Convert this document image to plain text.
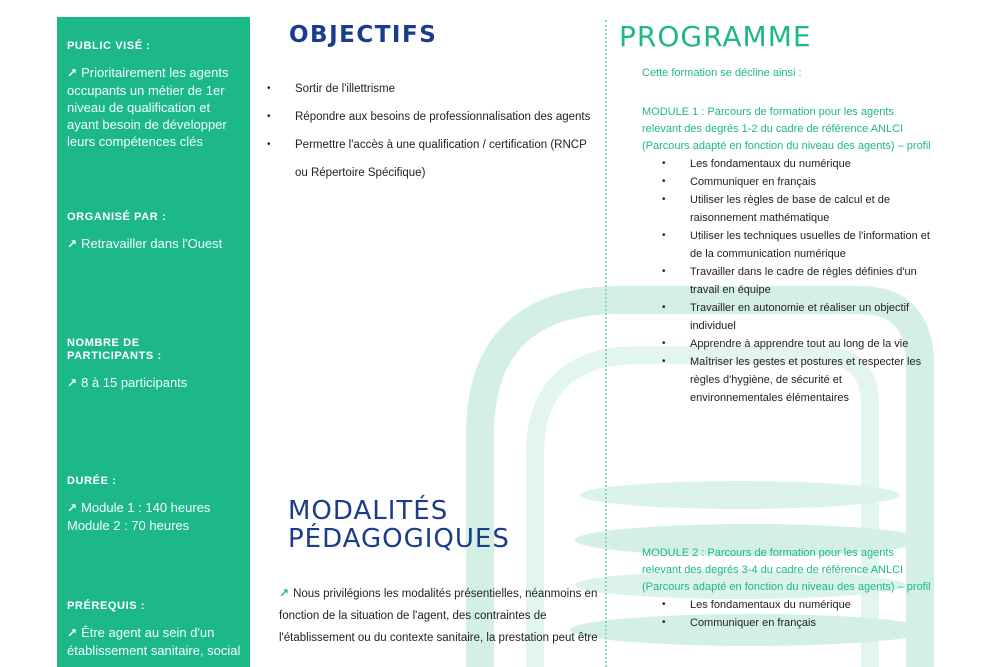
PUBLIC VISÉ :
↗ Prioritairement les agents occupants un métier de 1er niveau de qualification et ayant besoin de développer leurs compétences clés
ORGANISÉ PAR :
↗ Retravailler dans l'Ouest
NOMBRE DE PARTICIPANTS :
↗ 8 à 15 participants
DURÉE :
↗ Module 1 : 140 heures
Module 2 : 70 heures
PRÉREQUIS :
↗ Être agent au sein d'un établissement sanitaire, social
OBJECTIFS
• Sortir de l'illettrisme
• Répondre aux besoins de professionnalisation des agents
• Permettre l'accès à une qualification / certification (RNCP ou Répertoire Spécifique)
MODALITÉS
PÉDAGOGIQUES
↗ Nous privilégions les modalités présentielles, néanmoins en fonction de la situation de l'agent, des contraintes de l'établissement ou du contexte sanitaire, la prestation peut être
PROGRAMME
Cette formation se décline ainsi :
MODULE 1 : Parcours de formation pour les agents relevant des degrés 1-2 du cadre de référence ANLCI
(Parcours adapté en fonction du niveau des agents) – profil
• Les fondamentaux du numérique
• Communiquer en français
• Utiliser les règles de base de calcul et de raisonnement mathématique
• Utiliser les techniques usuelles de l'information et de la communication numérique
• Travailler dans le cadre de règles définies d'un travail en équipe
• Travailler en autonomie et réaliser un objectif individuel
• Apprendre à apprendre tout au long de la vie
• Maîtriser les gestes et postures et respecter les règles d'hygiène, de sécurité et environnementales élémentaires
MODULE 2 : Parcours de formation pour les agents relevant des degrés 3-4 du cadre de référence ANLCI
(Parcours adapté en fonction du niveau des agents) – profil
• Les fondamentaux du numérique
• Communiquer en français
